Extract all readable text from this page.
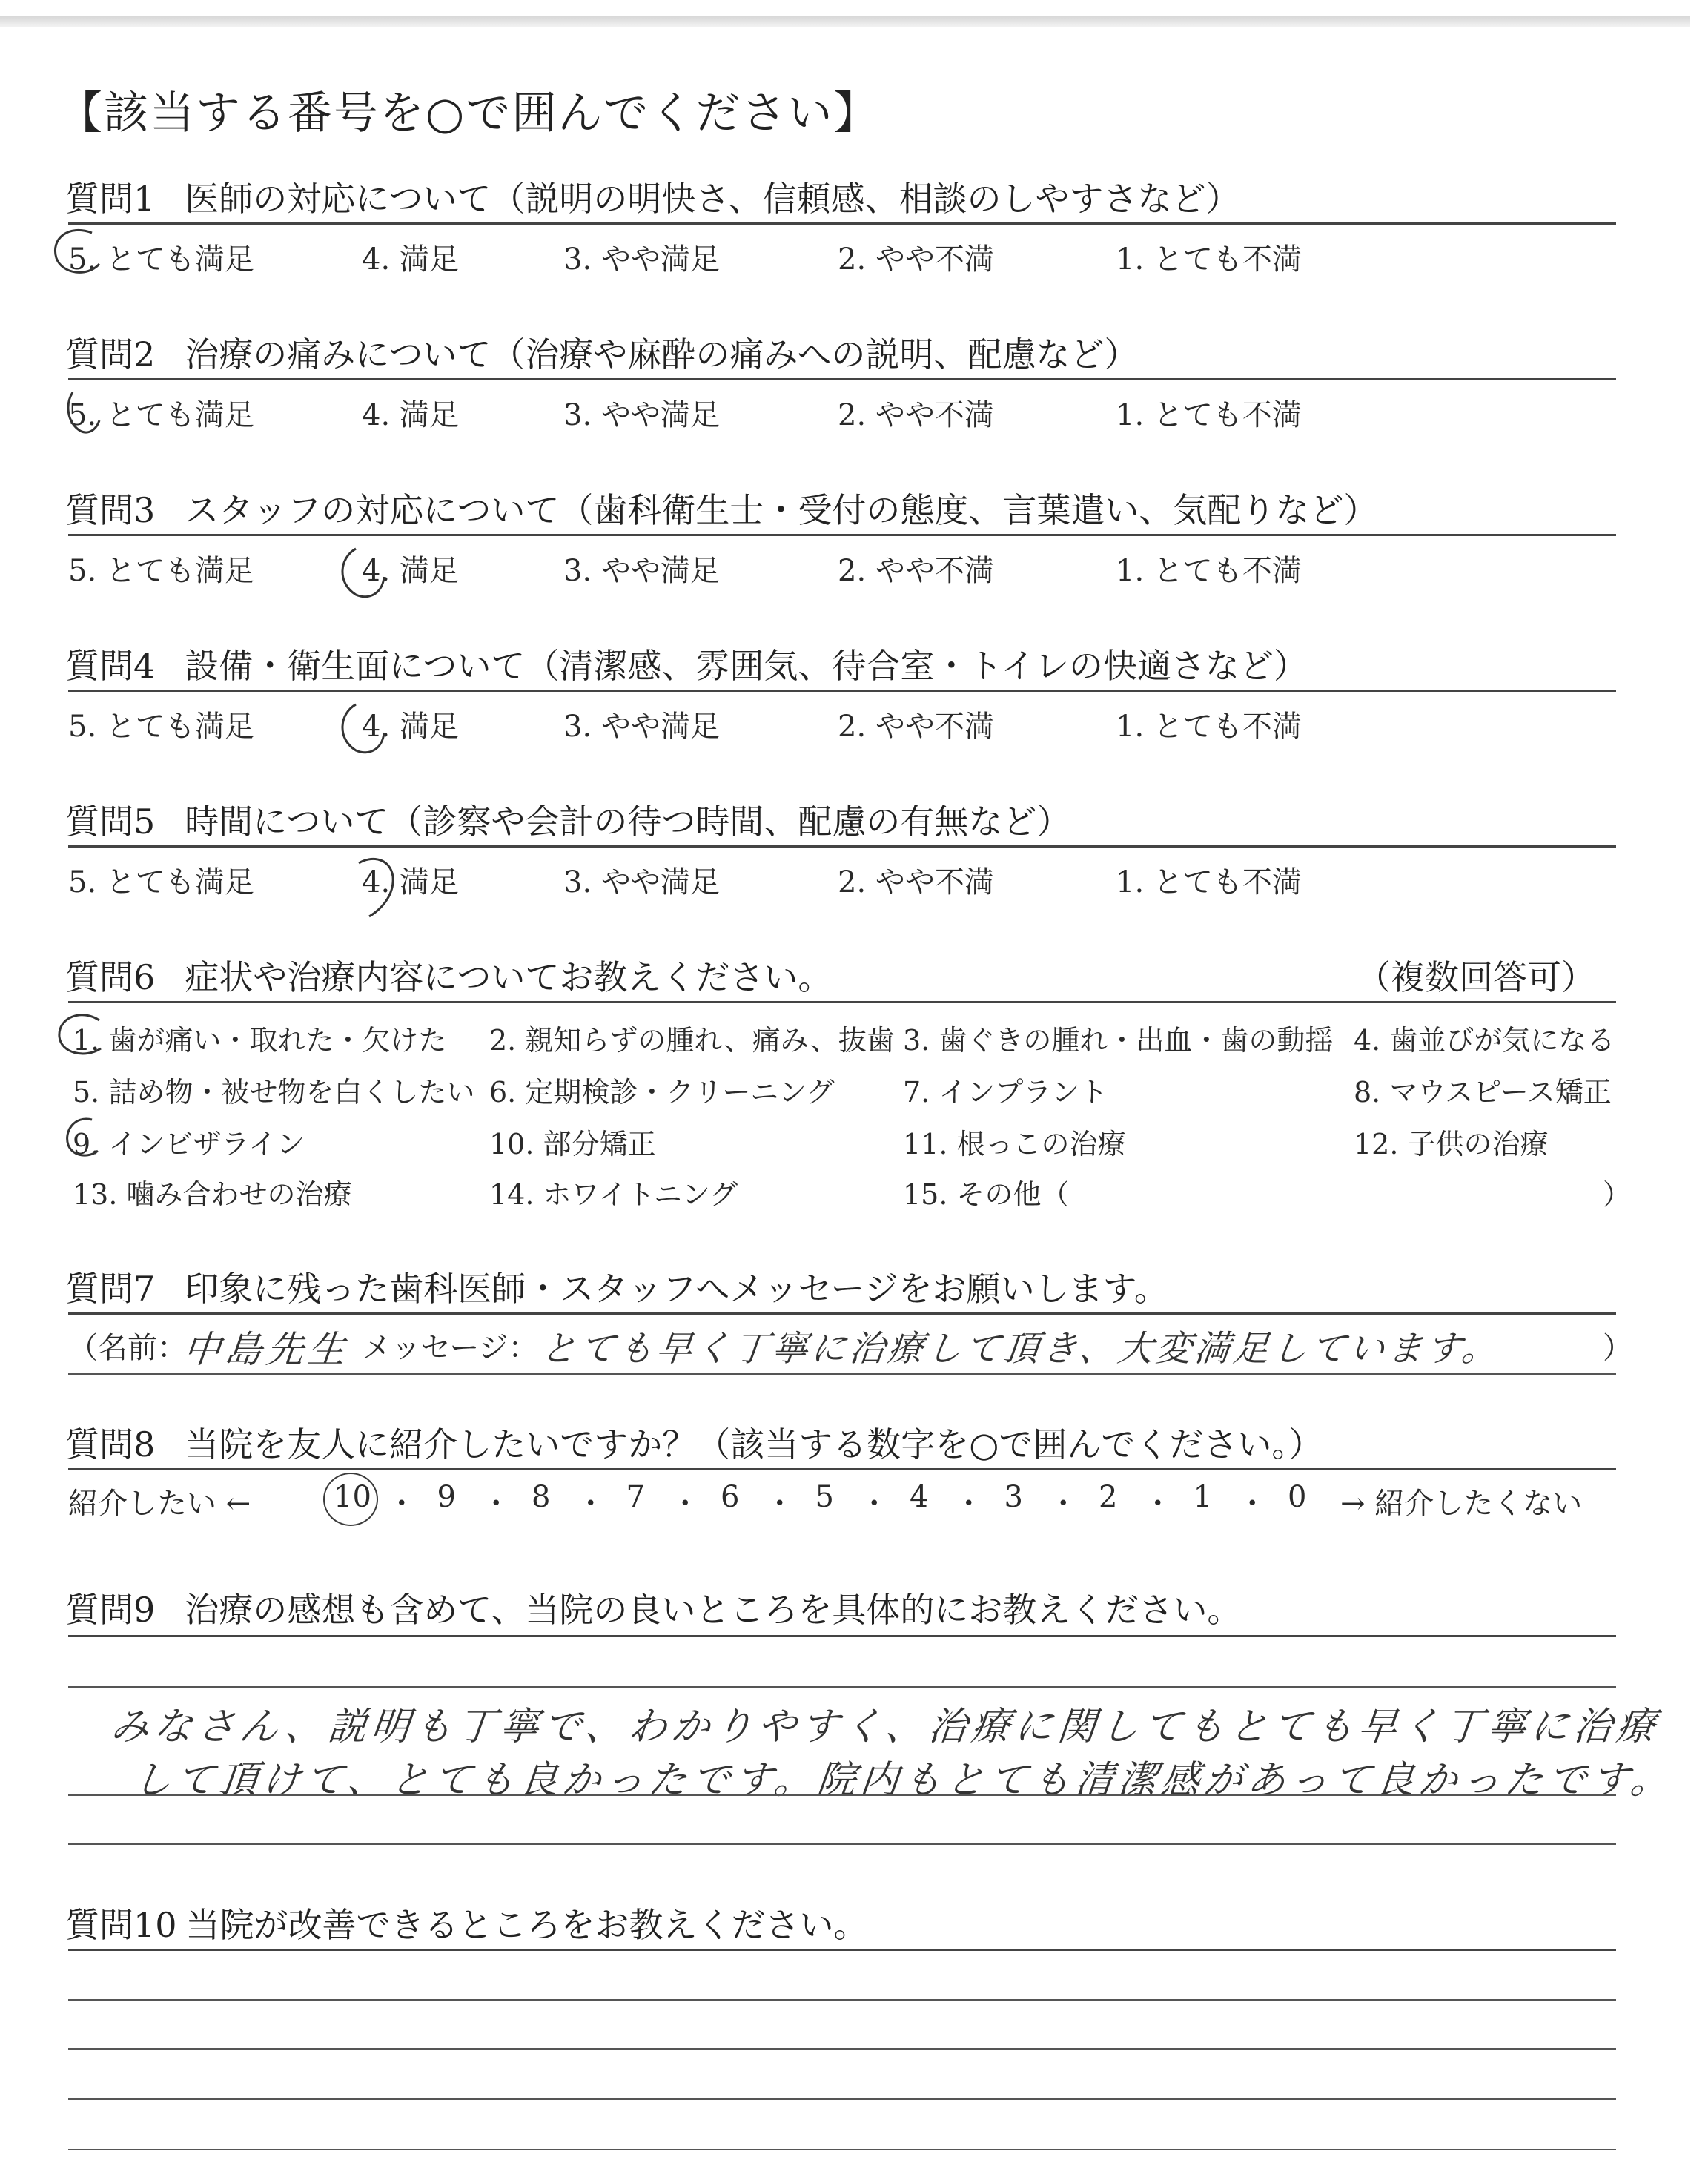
【該当する番号を○で囲んでください】
質問1 医師の対応について（説明の明快さ、信頼感、相談のしやすさなど）
5. とても満足	4. 満足	3. やや満足	2. やや不満	1. とても不満
質問2 治療の痛みについて（治療や麻酔の痛みへの説明、配慮など）
5. とても満足	4. 満足	3. やや満足	2. やや不満	1. とても不満
質問3 スタッフの対応について（歯科衛生士・受付の態度、言葉遣い、気配りなど）
5. とても満足	4. 満足	3. やや満足	2. やや不満	1. とても不満
質問4 設備・衛生面について（清潔感、雰囲気、待合室・トイレの快適さなど）
5. とても満足	4. 満足	3. やや満足	2. やや不満	1. とても不満
質問5 時間について（診察や会計の待つ時間、配慮の有無など）
5. とても満足	4. 満足	3. やや満足	2. やや不満	1. とても不満
質問6 症状や治療内容についてお教えください。	（複数回答可）
1. 歯が痛い・取れた・欠けた 2. 親知らずの腫れ、痛み、抜歯 3. 歯ぐきの腫れ・出血・歯の動揺 4. 歯並びが気になる
5. 詰め物・被せ物を白くしたい 6. 定期検診・クリーニング 7. インプラント	8. マウスピース矯正
9. インビザライン	10. 部分矯正	11. 根っこの治療	12. 子供の治療
13. 噛み合わせの治療	14. ホワイトニング	15. その他（	）
質問7 印象に残った歯科医師・スタッフへメッセージをお願いします。
（名前：
中島先生 メッセージ： とても早く丁寧に治療して頂き、大変満足しています。	）
質問8 当院を友人に紹介したいですか？（該当する数字を○で囲んでください。）
紹介したい ←	10 ・ 9 ・ 8 ・ 7 ・ 6 ・ 5 ・ 4 ・ 3 ・ 2 ・ 1 ・ 0 → 紹介したくない
質問9 治療の感想も含めて、当院の良いところを具体的にお教えください。
みなさん、説明も丁寧で、わかりやすく、治療に関してもとても早く丁寧に治療
して頂けて、とても良かったです。院内もとても清潔感があって良かったです。
質問10 当院が改善できるところをお教えください。
